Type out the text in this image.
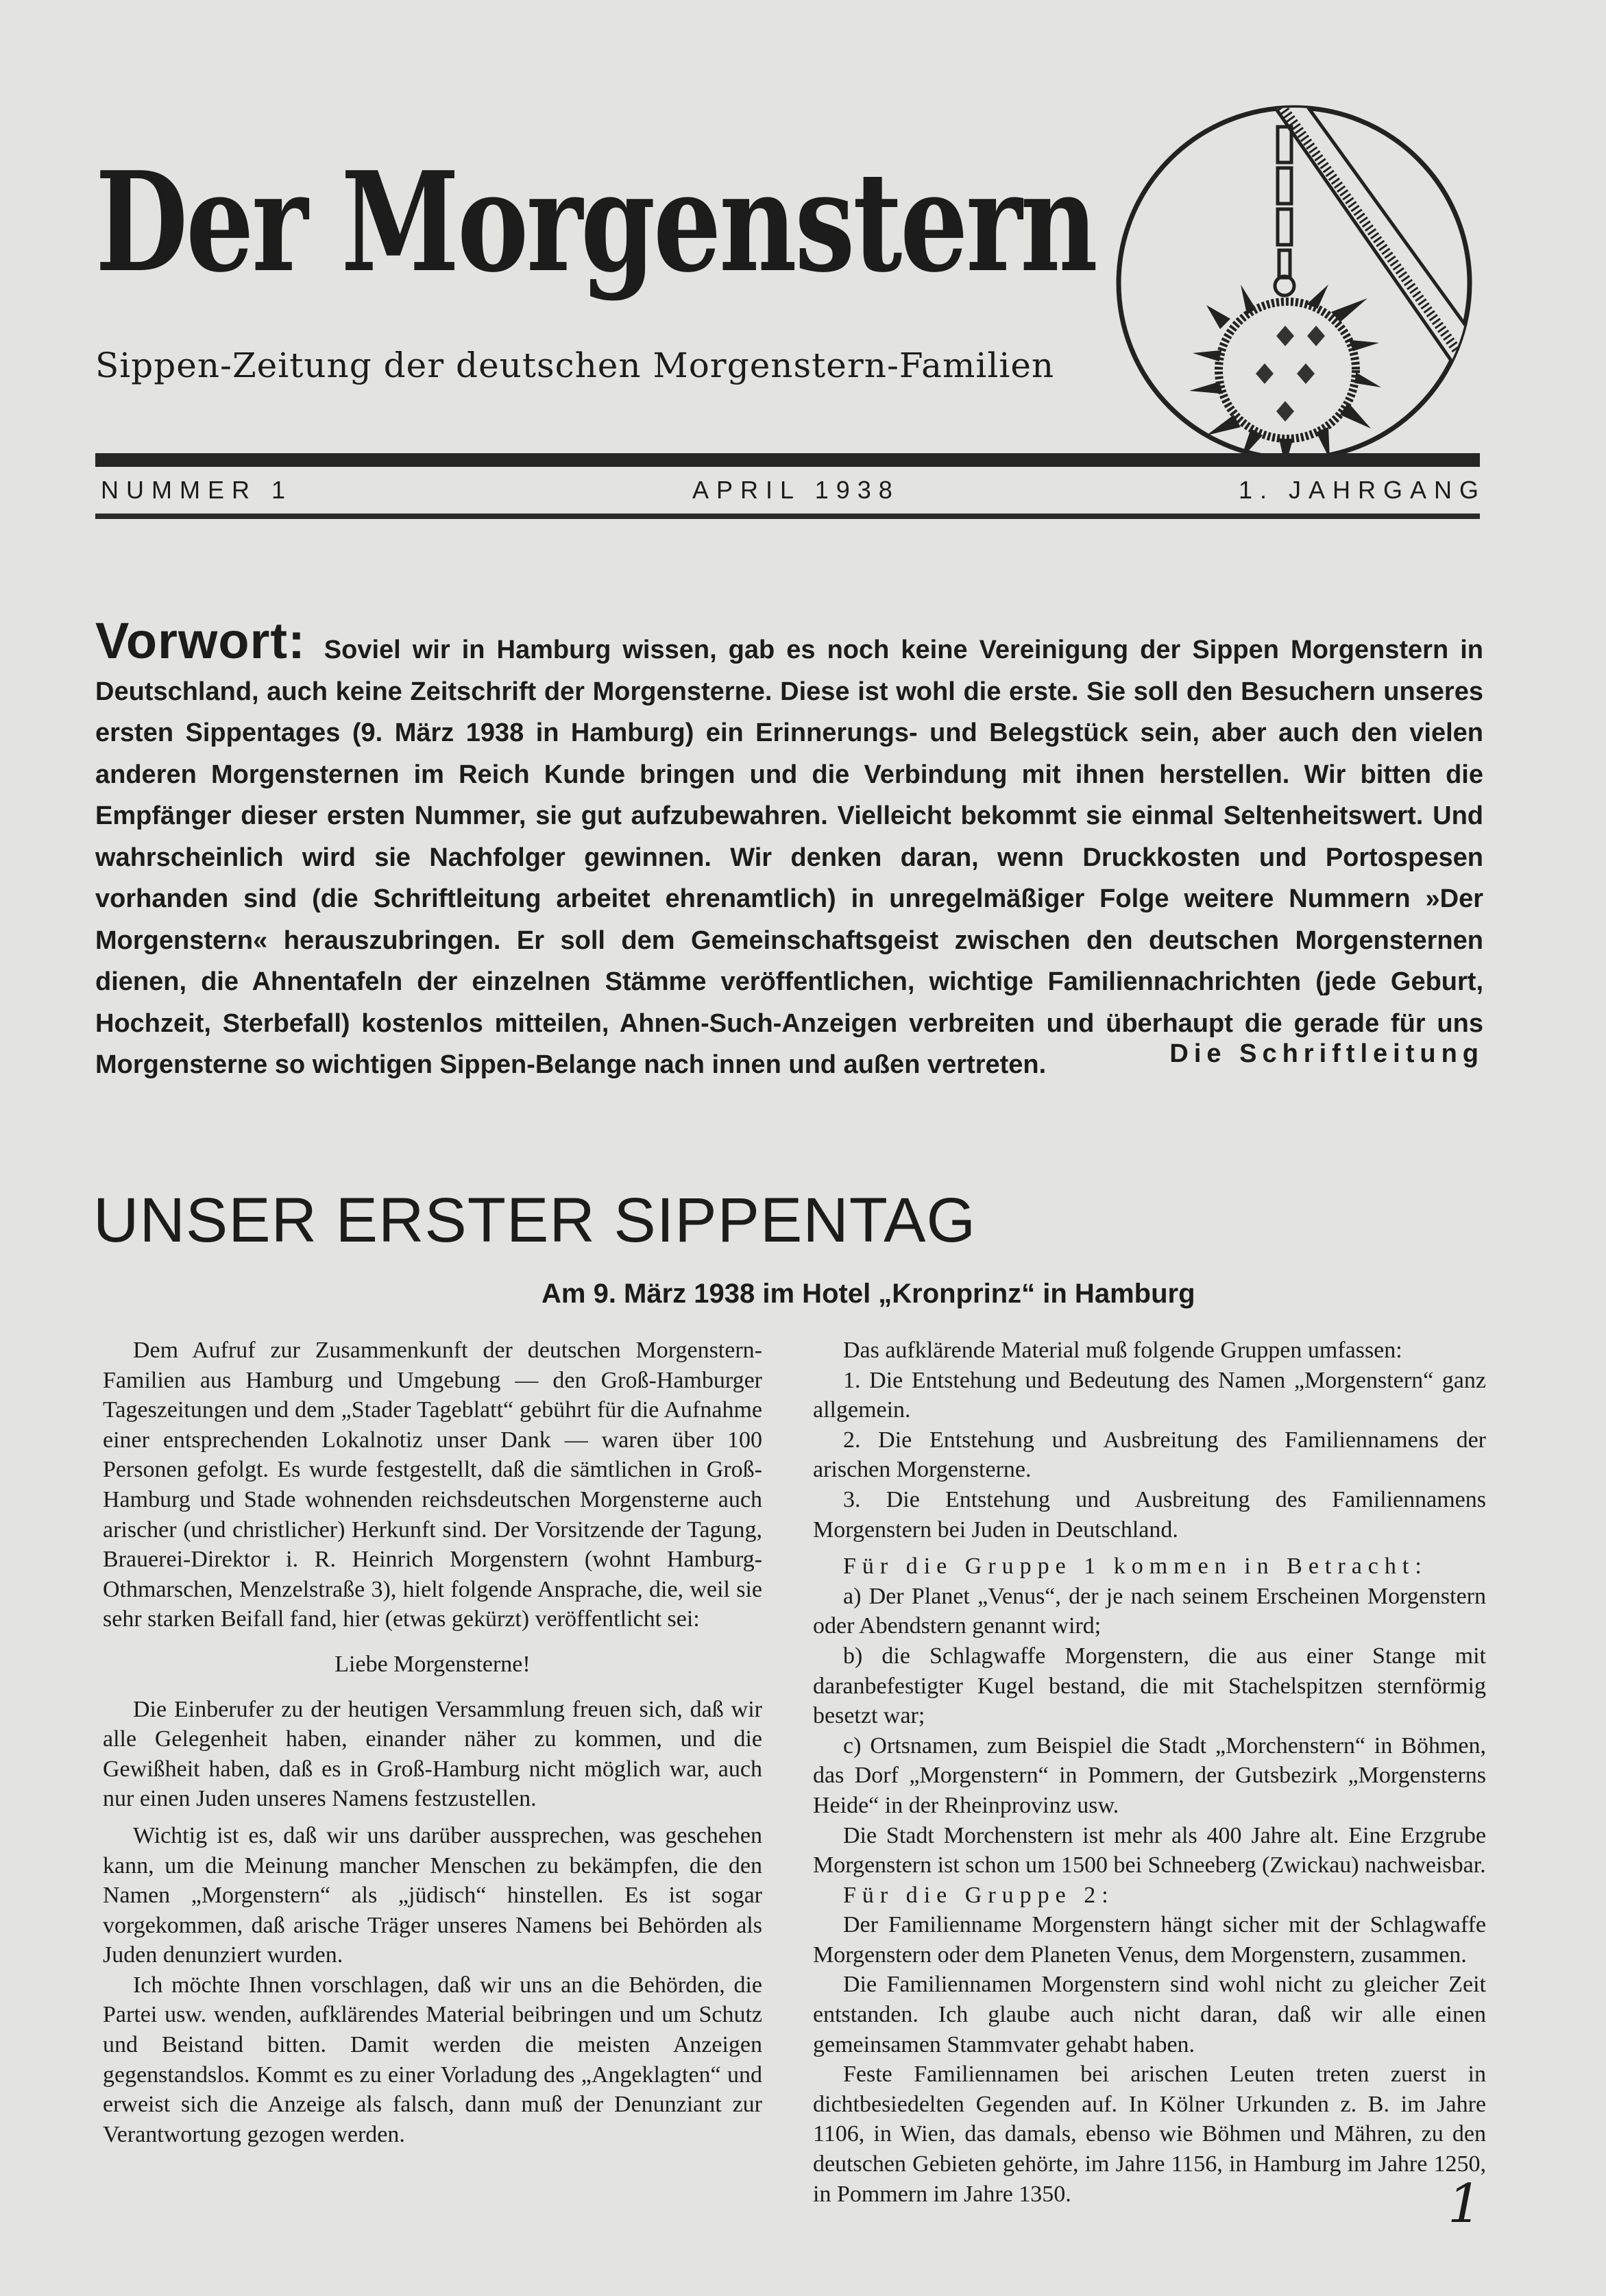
Der Morgenstern
Sippen-Zeitung der deutschen Morgenstern-Familien
NUMMER 1	APRIL 1938	1. JAHRGANG
Vorwort: Soviel wir in Hamburg wissen, gab es noch keine Vereinigung der Sippen Morgenstern in Deutschland, auch keine Zeitschrift der Morgensterne. Diese ist wohl die erste. Sie soll den Besuchern unseres ersten Sippentages (9. März 1938 in Hamburg) ein Erinnerungs- und Belegstück sein, aber auch den vielen anderen Morgensternen im Reich Kunde bringen und die Verbindung mit ihnen herstellen. Wir bitten die Empfänger dieser ersten Nummer, sie gut aufzubewahren. Vielleicht bekommt sie einmal Seltenheitswert. Und wahrscheinlich wird sie Nachfolger gewinnen. Wir denken daran, wenn Druckkosten und Portospesen vorhanden sind (die Schriftleitung arbeitet ehrenamtlich) in unregelmäßiger Folge weitere Nummern »Der Morgenstern« herauszubringen. Er soll dem Gemeinschaftsgeist zwischen den deutschen Morgensternen dienen, die Ahnentafeln der einzelnen Stämme veröffentlichen, wichtige Familiennachrichten (jede Geburt, Hochzeit, Sterbefall) kostenlos mitteilen, Ahnen-Such-Anzeigen verbreiten und überhaupt die gerade für uns Morgensterne so wichtigen Sippen-Belange nach innen und außen vertreten.	Die Schriftleitung
UNSER ERSTER SIPPENTAG
Am 9. März 1938 im Hotel „Kronprinz“ in Hamburg

Dem Aufruf zur Zusammenkunft der deutschen Morgenstern-Familien aus Hamburg und Umgebung — den Groß-Hamburger Tageszeitungen und dem „Stader Tageblatt“ gebührt für die Aufnahme einer entsprechenden Lokalnotiz unser Dank — waren über 100 Personen gefolgt. Es wurde festgestellt, daß die sämtlichen in Groß-Hamburg und Stade wohnenden reichsdeutschen Morgensterne auch arischer (und christlicher) Herkunft sind. Der Vorsitzende der Tagung, Brauerei-Direktor i. R. Heinrich Morgenstern (wohnt Hamburg-Othmarschen, Menzelstraße 3), hielt folgende Ansprache, die, weil sie sehr starken Beifall fand, hier (etwas gekürzt) veröffentlicht sei:

Liebe Morgensterne!

Die Einberufer zu der heutigen Versammlung freuen sich, daß wir alle Gelegenheit haben, einander näher zu kommen, und die Gewißheit haben, daß es in Groß-Hamburg nicht möglich war, auch nur einen Juden unseres Namens festzustellen.

Wichtig ist es, daß wir uns darüber aussprechen, was geschehen kann, um die Meinung mancher Menschen zu bekämpfen, die den Namen „Morgenstern“ als „jüdisch“ hinstellen. Es ist sogar vorgekommen, daß arische Träger unseres Namens bei Behörden als Juden denunziert wurden.

Ich möchte Ihnen vorschlagen, daß wir uns an die Behörden, die Partei usw. wenden, aufklärendes Material beibringen und um Schutz und Beistand bitten. Damit werden die meisten Anzeigen gegenstandslos. Kommt es zu einer Vorladung des „Angeklagten“ und erweist sich die Anzeige als falsch, dann muß der Denunziant zur Verantwortung gezogen werden.

Das aufklärende Material muß folgende Gruppen umfassen:

1. Die Entstehung und Bedeutung des Namen „Morgenstern“ ganz allgemein.

2. Die Entstehung und Ausbreitung des Familiennamens der arischen Morgensterne.

3. Die Entstehung und Ausbreitung des Familiennamens Morgenstern bei Juden in Deutschland.

Für die Gruppe 1 kommen in Betracht:

a) Der Planet „Venus“, der je nach seinem Erscheinen Morgenstern oder Abendstern genannt wird;

b) die Schlagwaffe Morgenstern, die aus einer Stange mit daranbefestigter Kugel bestand, die mit Stachelspitzen sternförmig besetzt war;

c) Ortsnamen, zum Beispiel die Stadt „Morchenstern“ in Böhmen, das Dorf „Morgenstern“ in Pommern, der Gutsbezirk „Morgensterns Heide“ in der Rheinprovinz usw.

Die Stadt Morchenstern ist mehr als 400 Jahre alt. Eine Erzgrube Morgenstern ist schon um 1500 bei Schneeberg (Zwickau) nachweisbar.

Für die Gruppe 2:

Der Familienname Morgenstern hängt sicher mit der Schlagwaffe Morgenstern oder dem Planeten Venus, dem Morgenstern, zusammen.

Die Familiennamen Morgenstern sind wohl nicht zu gleicher Zeit entstanden. Ich glaube auch nicht daran, daß wir alle einen gemeinsamen Stammvater gehabt haben.

Feste Familiennamen bei arischen Leuten treten zuerst in dichtbesiedelten Gegenden auf. In Kölner Urkunden z. B. im Jahre 1106, in Wien, das damals, ebenso wie Böhmen und Mähren, zu den deutschen Gebieten gehörte, im Jahre 1156, in Hamburg im Jahre 1250, in Pommern im Jahre 1350.	1
